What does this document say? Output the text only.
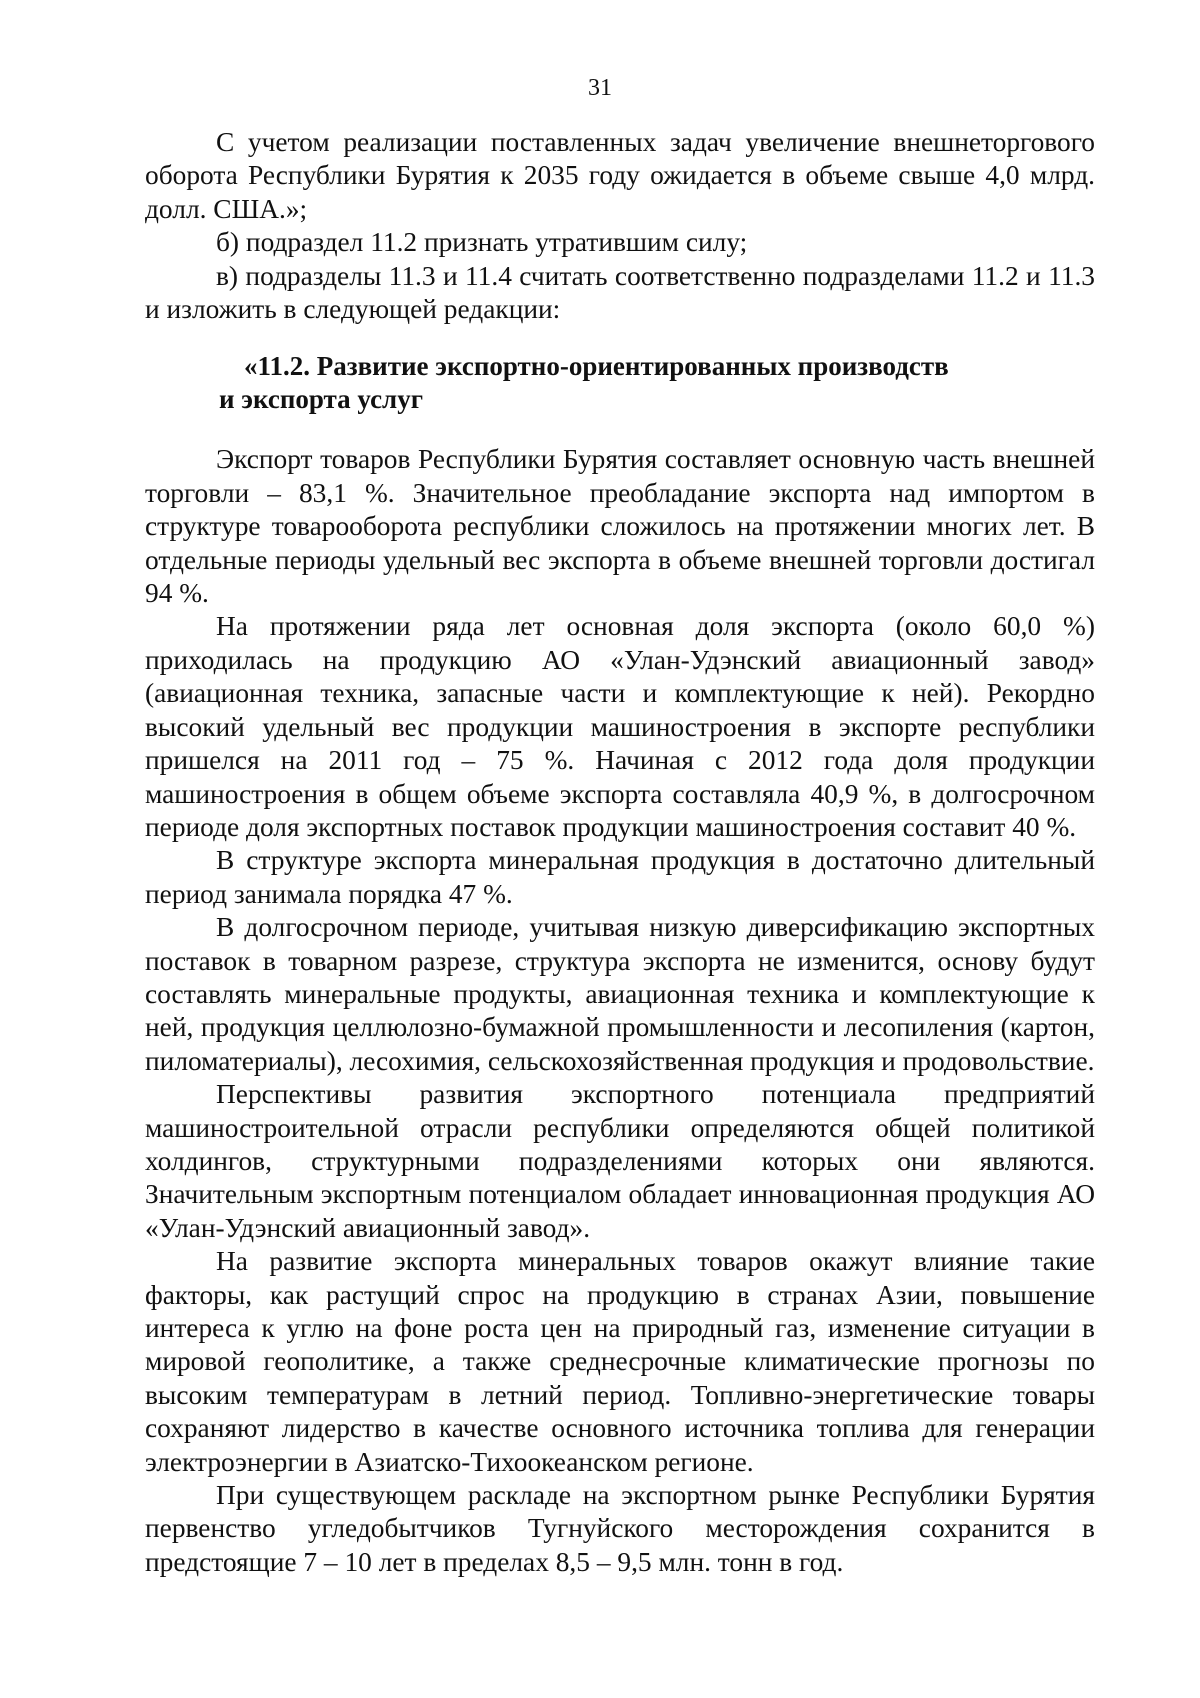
31

С учетом реализации поставленных задач увеличение внешнеторгового оборота Республики Бурятия к 2035 году ожидается в объеме свыше 4,0 млрд. долл. США.»;

б) подраздел 11.2 признать утратившим силу;

в) подразделы 11.3 и 11.4 считать соответственно подразделами 11.2 и 11.3 и изложить в следующей редакции:

«11.2. Развитие экспортно-ориентированных производств
и экспорта услуг

Экспорт товаров Республики Бурятия составляет основную часть внешней торговли – 83,1 %. Значительное преобладание экспорта над импортом в структуре товарооборота республики сложилось на протяжении многих лет. В отдельные периоды удельный вес экспорта в объеме внешней торговли достигал 94 %.

На протяжении ряда лет основная доля экспорта (около 60,0 %) приходилась на продукцию АО «Улан-Удэнский авиационный завод» (авиационная техника, запасные части и комплектующие к ней). Рекордно высокий удельный вес продукции машиностроения в экспорте республики пришелся на 2011 год – 75 %. Начиная с 2012 года доля продукции машиностроения в общем объеме экспорта составляла 40,9 %, в долгосрочном периоде доля экспортных поставок продукции машиностроения составит 40 %.

В структуре экспорта минеральная продукция в достаточно длительный период занимала порядка 47 %.

В долгосрочном периоде, учитывая низкую диверсификацию экспортных поставок в товарном разрезе, структура экспорта не изменится, основу будут составлять минеральные продукты, авиационная техника и комплектующие к ней, продукция целлюлозно-бумажной промышленности и лесопиления (картон, пиломатериалы), лесохимия, сельскохозяйственная продукция и продовольствие.

Перспективы развития экспортного потенциала предприятий машиностроительной отрасли республики определяются общей политикой холдингов, структурными подразделениями которых они являются. Значительным экспортным потенциалом обладает инновационная продукция АО «Улан-Удэнский авиационный завод».

На развитие экспорта минеральных товаров окажут влияние такие факторы, как растущий спрос на продукцию в странах Азии, повышение интереса к углю на фоне роста цен на природный газ, изменение ситуации в мировой геополитике, а также среднесрочные климатические прогнозы по высоким температурам в летний период. Топливно-энергетические товары сохраняют лидерство в качестве основного источника топлива для генерации электроэнергии в Азиатско-Тихоокеанском регионе.

При существующем раскладе на экспортном рынке Республики Бурятия первенство угледобытчиков Тугнуйского месторождения сохранится в предстоящие 7 – 10 лет в пределах 8,5 – 9,5 млн. тонн в год.
